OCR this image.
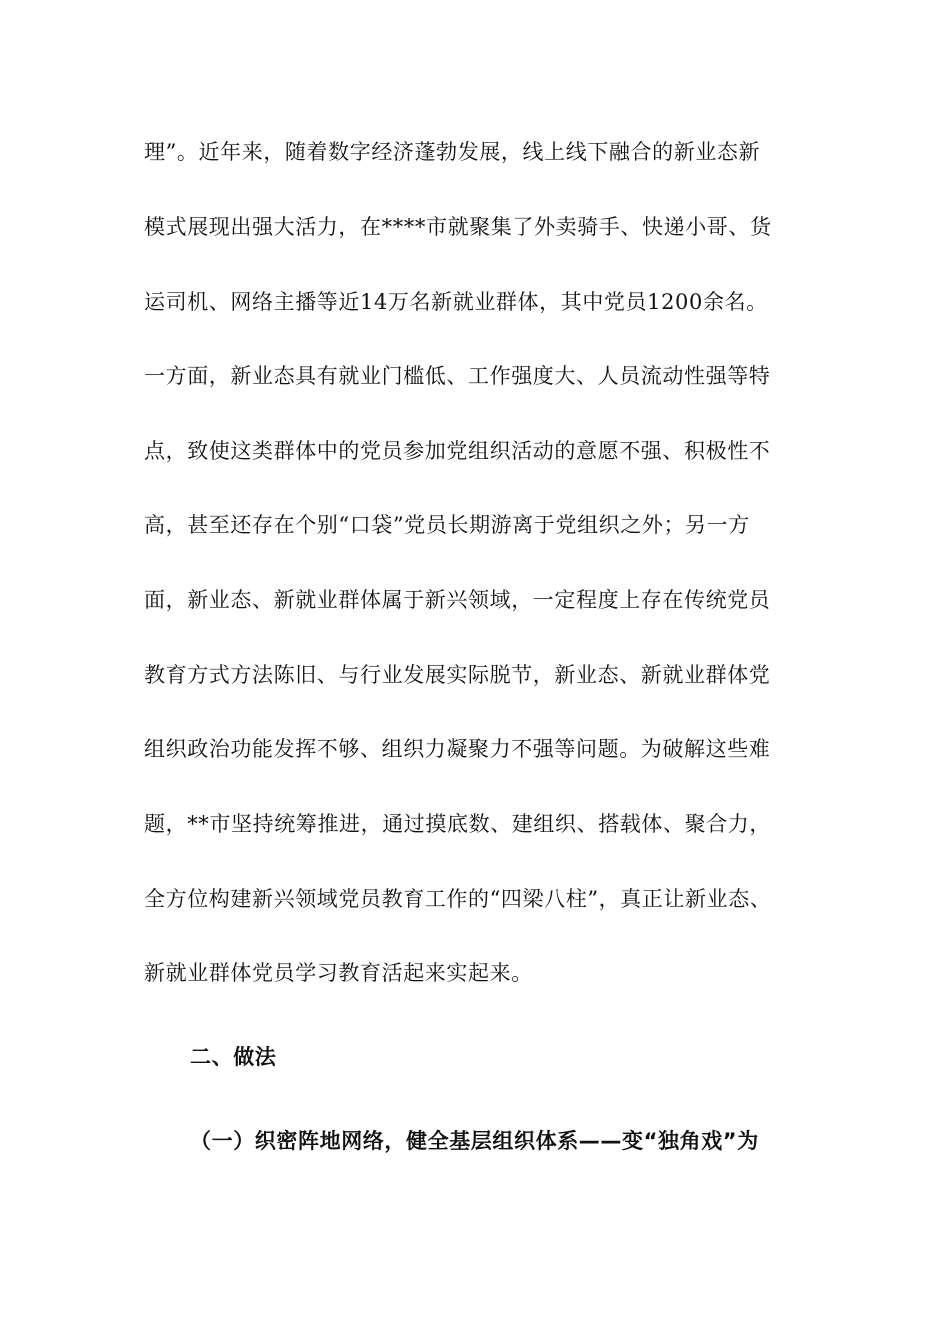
理”。近年来，随着数字经济蓬勃发展，线上线下融合的新业态新
模式展现出强大活力，在****市就聚集了外卖骑手、快递小哥、货
运司机、网络主播等近14万名新就业群体，其中党员1200余名。
一方面，新业态具有就业门槛低、工作强度大、人员流动性强等特
点，致使这类群体中的党员参加党组织活动的意愿不强、积极性不
高，甚至还存在个别“口袋”党员长期游离于党组织之外；另一方
面，新业态、新就业群体属于新兴领域，一定程度上存在传统党员
教育方式方法陈旧、与行业发展实际脱节，新业态、新就业群体党
组织政治功能发挥不够、组织力凝聚力不强等问题。为破解这些难
题，**市坚持统筹推进，通过摸底数、建组织、搭载体、聚合力，
全方位构建新兴领域党员教育工作的“四梁八柱”，真正让新业态、
新就业群体党员学习教育活起来实起来。
二、做法
（一）织密阵地网络，健全基层组织体系——变“独角戏”为
